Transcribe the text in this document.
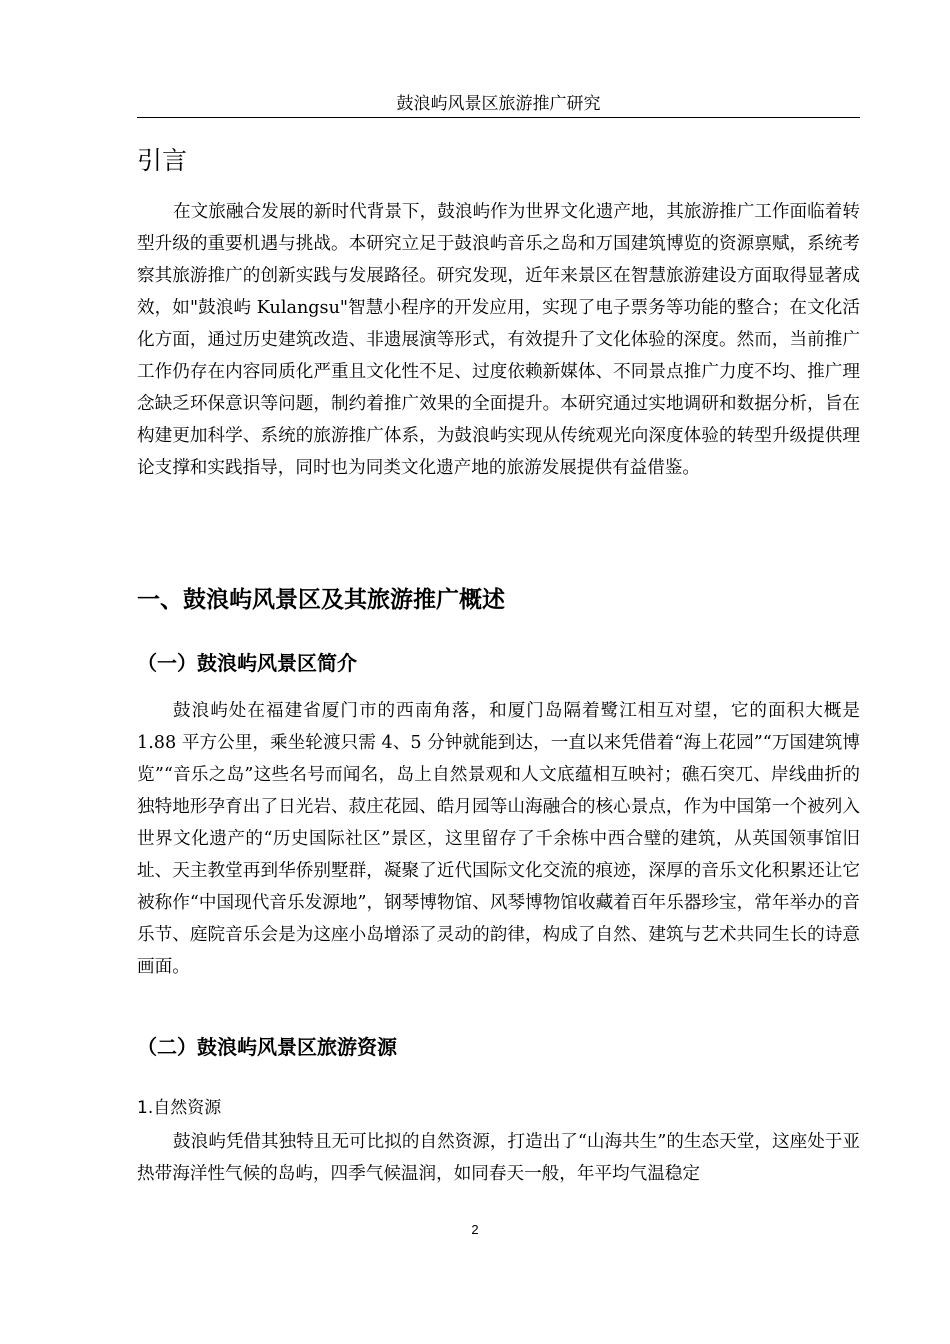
鼓浪屿风景区旅游推广研究
引言

在文旅融合发展的新时代背景下，鼓浪屿作为世界文化遗产地，其旅游推广工作面临着转型升级的重要机遇与挑战。本研究立足于鼓浪屿音乐之岛和万国建筑博览的资源禀赋，系统考察其旅游推广的创新实践与发展路径。研究发现，近年来景区在智慧旅游建设方面取得显著成效，如"鼓浪屿 Kulangsu"智慧小程序的开发应用，实现了电子票务等功能的整合；在文化活化方面，通过历史建筑改造、非遗展演等形式，有效提升了文化体验的深度。然而，当前推广工作仍存在内容同质化严重且文化性不足、过度依赖新媒体、不同景点推广力度不均、推广理念缺乏环保意识等问题，制约着推广效果的全面提升。本研究通过实地调研和数据分析，旨在构建更加科学、系统的旅游推广体系，为鼓浪屿实现从传统观光向深度体验的转型升级提供理论支撑和实践指导，同时也为同类文化遗产地的旅游发展提供有益借鉴。

一、鼓浪屿风景区及其旅游推广概述
（一）鼓浪屿风景区简介

鼓浪屿处在福建省厦门市的西南角落，和厦门岛隔着鹭江相互对望，它的面积大概是 1.88 平方公里，乘坐轮渡只需 4、5 分钟就能到达，一直以来凭借着“海上花园”“万国建筑博览”“音乐之岛”这些名号而闻名，岛上自然景观和人文底蕴相互映衬；礁石突兀、岸线曲折的独特地形孕育出了日光岩、菽庄花园、皓月园等山海融合的核心景点，作为中国第一个被列入世界文化遗产的“历史国际社区”景区，这里留存了千余栋中西合璧的建筑，从英国领事馆旧址、天主教堂再到华侨别墅群，凝聚了近代国际文化交流的痕迹，深厚的音乐文化积累还让它被称作“中国现代音乐发源地”，钢琴博物馆、风琴博物馆收藏着百年乐器珍宝，常年举办的音乐节、庭院音乐会是为这座小岛增添了灵动的韵律，构成了自然、建筑与艺术共同生长的诗意画面。

（二）鼓浪屿风景区旅游资源
1.自然资源

鼓浪屿凭借其独特且无可比拟的自然资源，打造出了“山海共生”的生态天堂，这座处于亚热带海洋性气候的岛屿，四季气候温润，如同春天一般，年平均气温稳定

2
